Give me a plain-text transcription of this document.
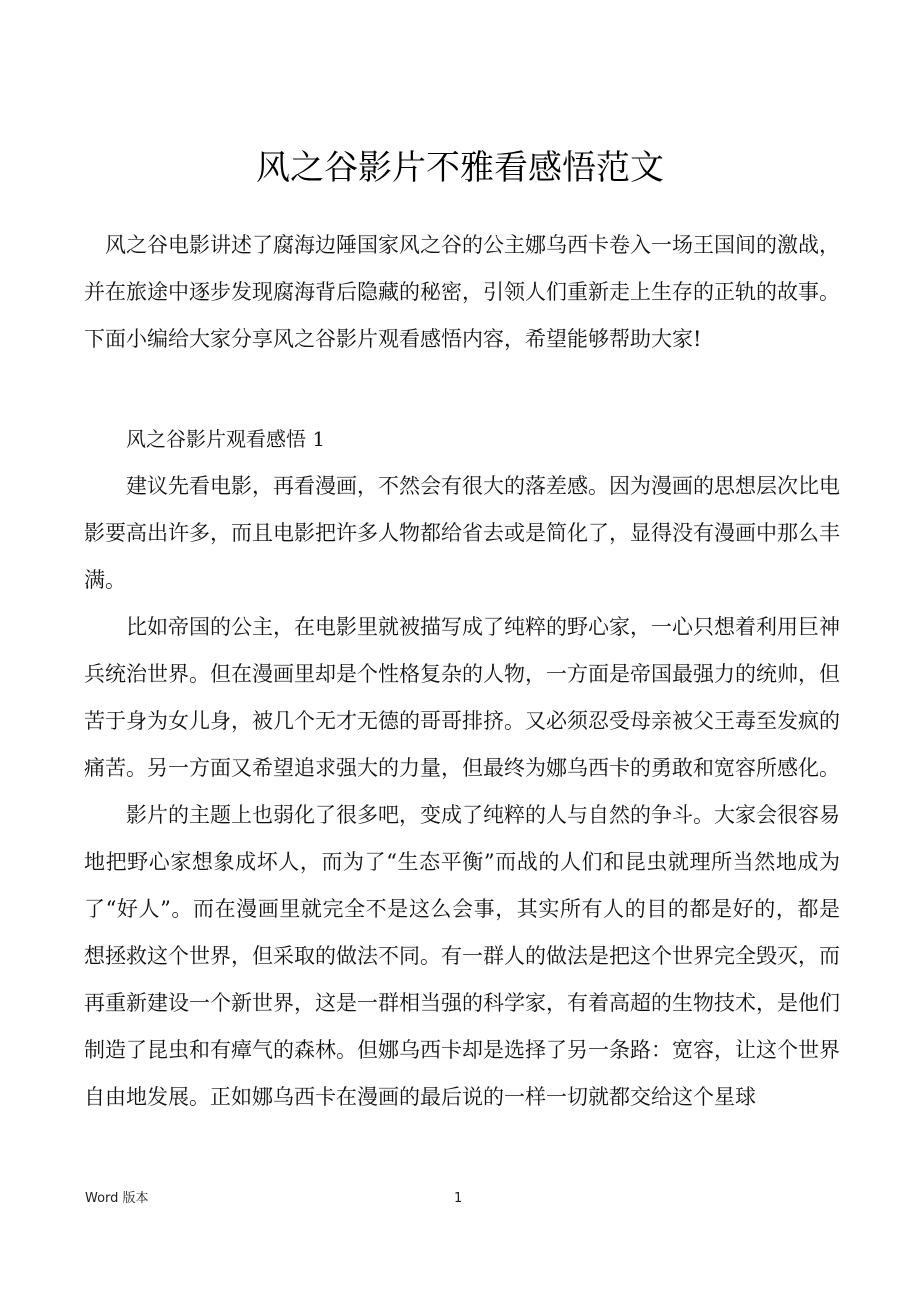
风之谷影片不雅看感悟范文

风之谷电影讲述了腐海边陲国家风之谷的公主娜乌西卡卷入一场王国间的激战，并在旅途中逐步发现腐海背后隐藏的秘密，引领人们重新走上生存的正轨的故事。下面小编给大家分享风之谷影片观看感悟内容，希望能够帮助大家!

风之谷影片观看感悟 1

建议先看电影，再看漫画，不然会有很大的落差感。因为漫画的思想层次比电影要高出许多，而且电影把许多人物都给省去或是简化了，显得没有漫画中那么丰满。

比如帝国的公主，在电影里就被描写成了纯粹的野心家，一心只想着利用巨神兵统治世界。但在漫画里却是个性格复杂的人物，一方面是帝国最强力的统帅，但苦于身为女儿身，被几个无才无德的哥哥排挤。又必须忍受母亲被父王毒至发疯的痛苦。另一方面又希望追求强大的力量，但最终为娜乌西卡的勇敢和宽容所感化。

影片的主题上也弱化了很多吧，变成了纯粹的人与自然的争斗。大家会很容易地把野心家想象成坏人，而为了“生态平衡”而战的人们和昆虫就理所当然地成为了“好人”。而在漫画里就完全不是这么会事，其实所有人的目的都是好的，都是想拯救这个世界，但采取的做法不同。有一群人的做法是把这个世界完全毁灭，而再重新建设一个新世界，这是一群相当强的科学家，有着高超的生物技术，是他们制造了昆虫和有瘴气的森林。但娜乌西卡却是选择了另一条路：宽容，让这个世界自由地发展。正如娜乌西卡在漫画的最后说的一样一切就都交给这个星球

Word 版本	1
